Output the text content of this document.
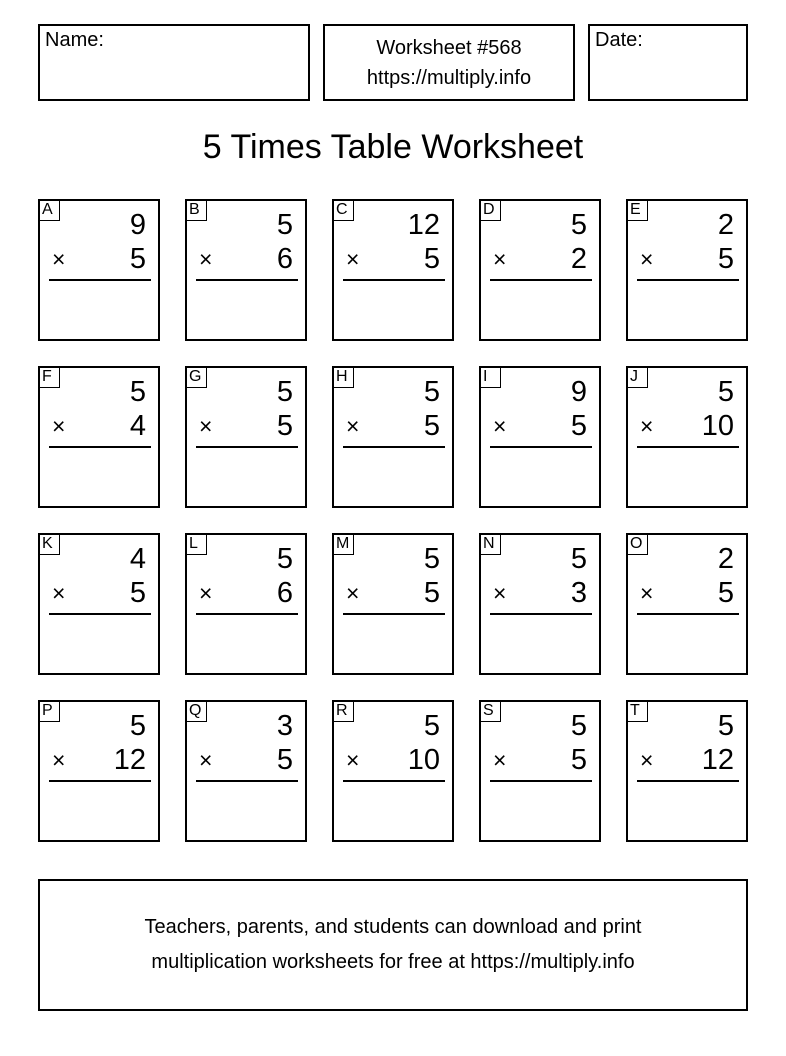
Name:	Worksheet #568
https://multiply.info
Date:
5 Times Table Worksheet
A	9
× 5
B	5
× 6
C 12
× 5
D	5
× 2
E	2
× 5
F	5
× 4
G	5
× 5
H	5
× 5
I	9
× 5
J	5
× 10
K	4
× 5
L	5
× 6
M	5
× 5
N	5
× 3
O	2
× 5
P	5
× 12
Q	3
× 5
R	5
× 10
S	5
× 5
T	5
× 12
Teachers, parents, and students can download and print
multiplication worksheets for free at https://multiply.info
